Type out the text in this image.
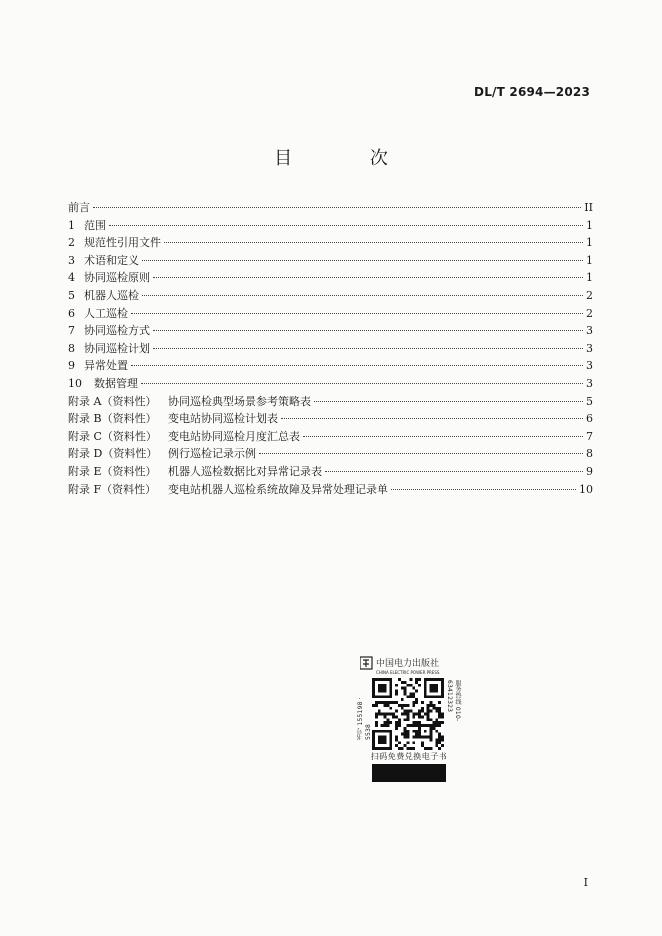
DL/T 2694—2023
目 次
前言	II
1 范围	1
2 规范性引用文件	1
3 术语和定义	1
4 协同巡检原则	1
5 机器人巡检	2
6 人工巡检	2
7 协同巡检方式	3
8 协同巡检计划	3
9 异常处置	3
10	数据管理	3
附录 A（资料性）	协同巡检典型场景参考策略表	5
附录 B（资料性）	变电站协同巡检计划表	6
附录 C（资料性）	变电站协同巡检月度汇总表	7
附录 D（资料性） 例行巡检记录示例	8
附录 E（资料性）	机器人巡检数据比对异常记录表	9
附录 F（资料性）	变电站机器人巡检系统故障及异常处理记录单	10
中国电力出版社
CHINA ELECTRIC POWER PRESS
书号 155198 · 5538
服务热线 010-63412323
扫码免费兑换电子书
I
